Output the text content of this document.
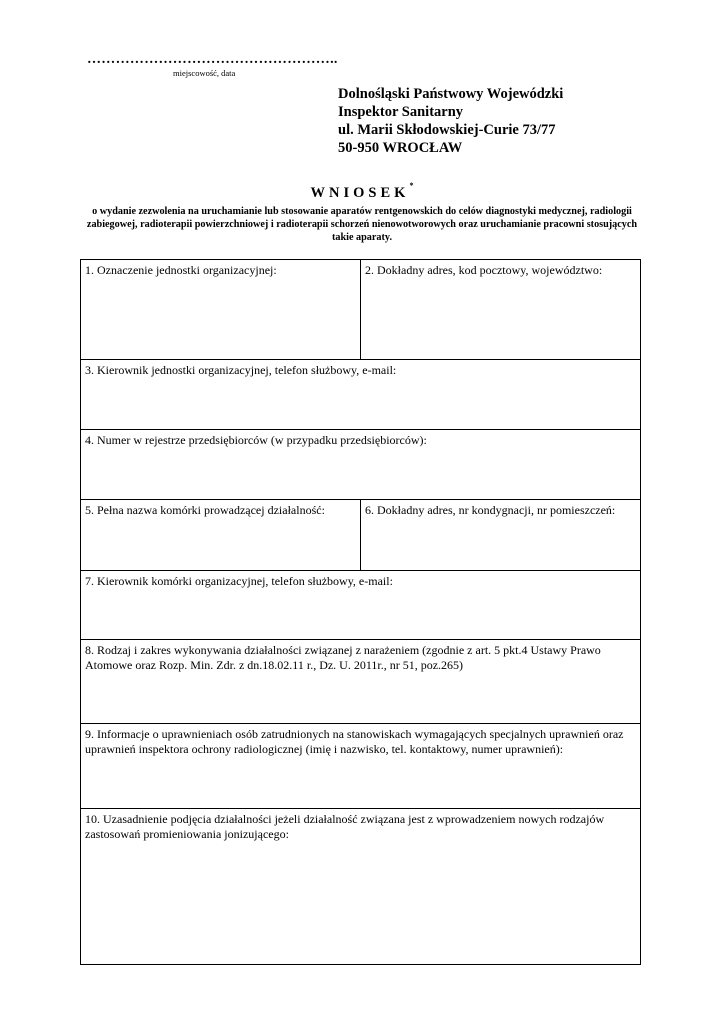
……………………………………………..
miejscowość, data
Dolnośląski Państwowy Wojewódzki
Inspektor Sanitarny
ul. Marii Skłodowskiej-Curie 73/77
50-950 WROCŁAW
WNIOSEK*
o wydanie zezwolenia na uruchamianie lub stosowanie aparatów rentgenowskich do celów diagnostyki medycznej, radiologii zabiegowej, radioterapii powierzchniowej i radioterapii schorzeń nienowotworowych oraz uruchamianie pracowni stosujących takie aparaty.
1. Oznaczenie jednostki organizacyjnej:	2. Dokładny adres, kod pocztowy, województwo:
3. Kierownik jednostki organizacyjnej, telefon służbowy, e-mail:	
4. Numer w rejestrze przedsiębiorców (w przypadku przedsiębiorców):	
5. Pełna nazwa komórki prowadzącej działalność:	6. Dokładny adres, nr kondygnacji, nr pomieszczeń:
7. Kierownik komórki organizacyjnej, telefon służbowy, e-mail:	
8. Rodzaj i zakres wykonywania działalności związanej z narażeniem (zgodnie z art. 5 pkt.4 Ustawy Prawo Atomowe oraz Rozp. Min. Zdr. z dn.18.02.11 r., Dz. U. 2011r., nr 51, poz.265)	
9. Informacje o uprawnieniach osób zatrudnionych na stanowiskach wymagających specjalnych uprawnień oraz uprawnień inspektora ochrony radiologicznej (imię i nazwisko, tel. kontaktowy, numer uprawnień):	
10. Uzasadnienie podjęcia działalności jeżeli działalność związana jest z wprowadzeniem nowych rodzajów zastosowań promieniowania jonizującego:	
